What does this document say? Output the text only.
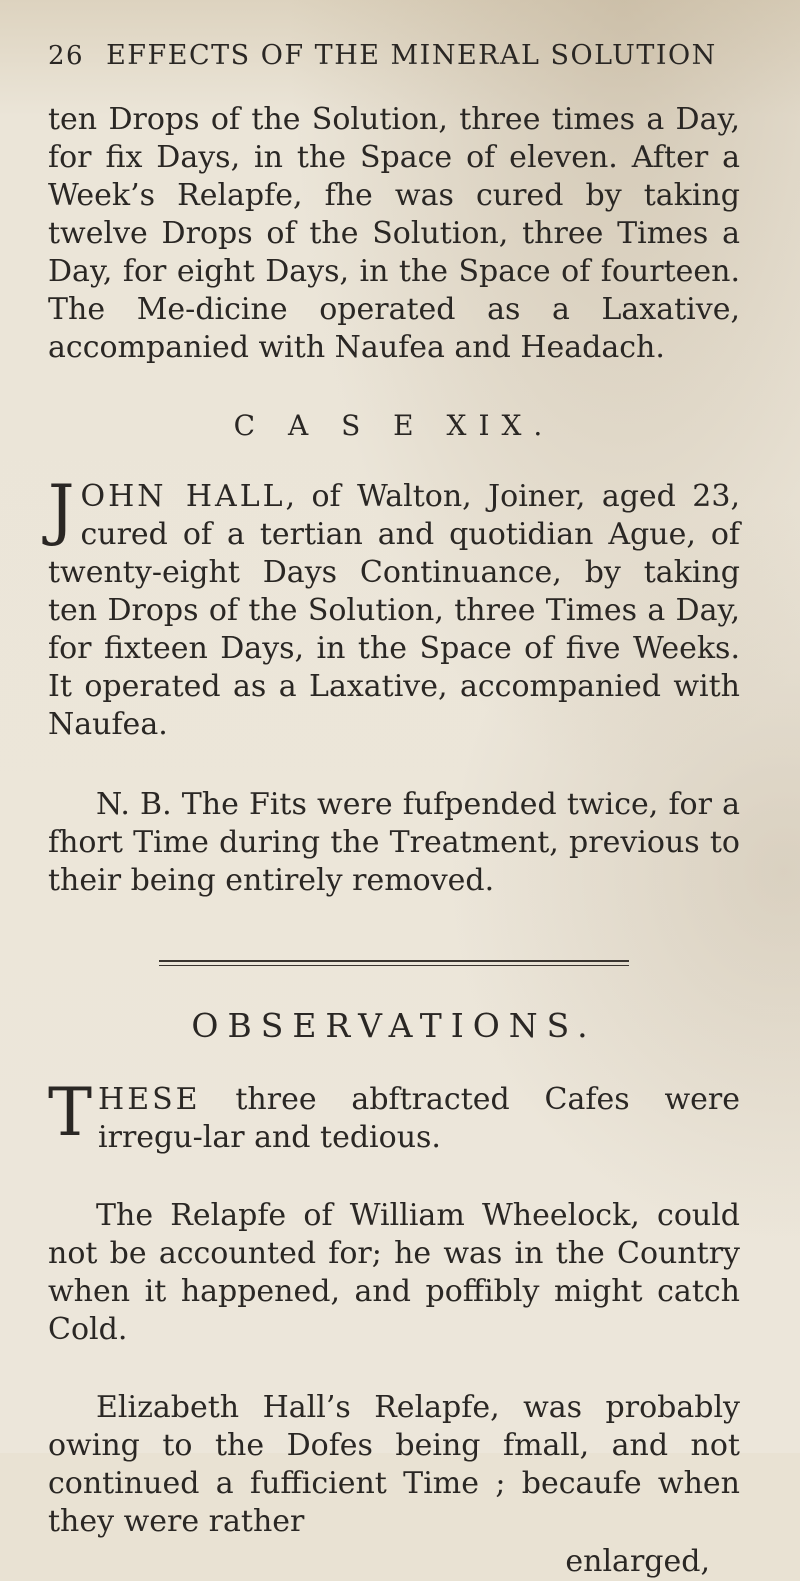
26 EFFECTS OF THE MINERAL SOLUTION

ten Drops of the Solution, three times a Day, for fix Days, in the Space of eleven. After a Week’s Relapfe, fhe was cured by taking twelve Drops of the Solution, three Times a Day, for eight Days, in the Space of fourteen. The Me-dicine operated as a Laxative, accompanied with Naufea and Headach.

C A S E XIX.

JOHN HALL, of Walton, Joiner, aged 23, cured of a tertian and quotidian Ague, of twenty-eight Days Continuance, by taking ten Drops of the Solution, three Times a Day, for fixteen Days, in the Space of five Weeks. It operated as a Laxative, accompanied with Naufea.

N. B. The Fits were fufpended twice, for a fhort Time during the Treatment, previous to their being entirely removed.

OBSERVATIONS.

THESE three abftracted Cafes were irregu-lar and tedious.

The Relapfe of William Wheelock, could not be accounted for; he was in the Country when it happened, and poffibly might catch Cold.

Elizabeth Hall’s Relapfe, was probably owing to the Dofes being fmall, and not continued a fufficient Time ; becaufe when they were rather

enlarged,
